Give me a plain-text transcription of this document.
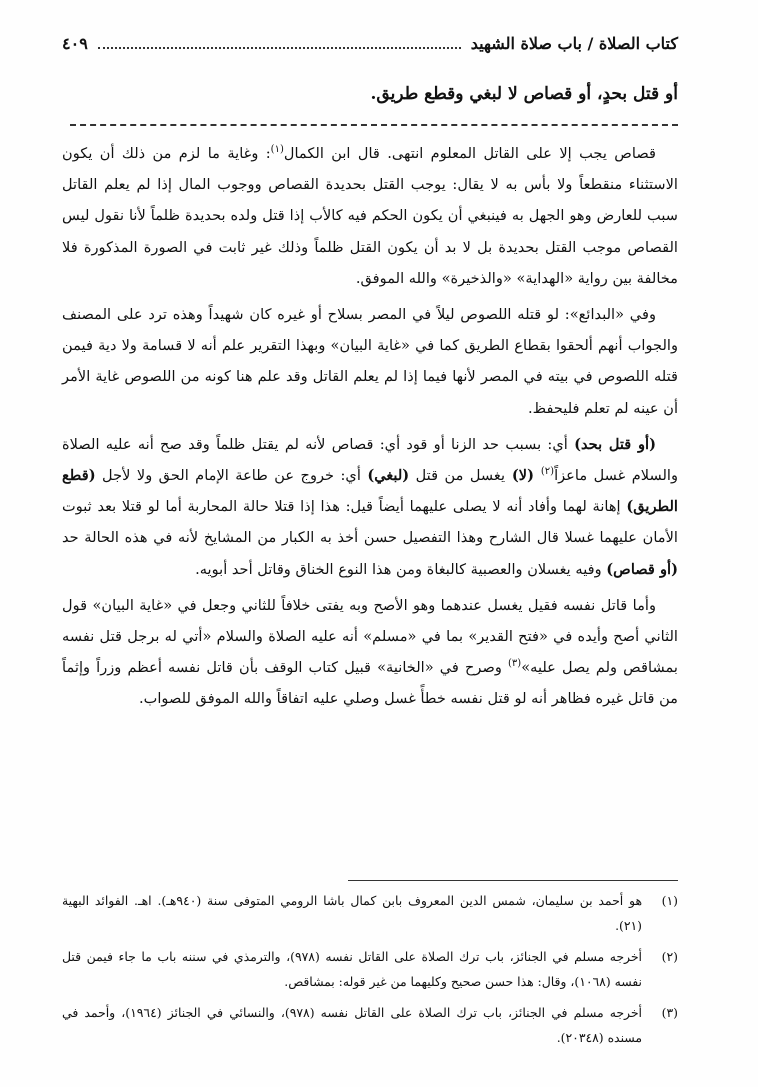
كتاب الصلاة / باب صلاة الشهيد
٤٠٩
أو قتل بحدٍ، أو قصاص لا لبغي وقطع طريق.

قصاص يجب إلا على القاتل المعلوم انتهى. قال ابن الكمال$^{(١)}$: وغاية ما لزم من ذلك أن يكون الاستثناء منقطعاً ولا بأس به لا يقال: يوجب القتل بحديدة القصاص ووجوب المال إذا لم يعلم القاتل سبب للعارض وهو الجهل به فينبغي أن يكون الحكم فيه كالأب إذا قتل ولده بحديدة ظلماً لأنا نقول ليس القصاص موجب القتل بحديدة بل لا بد أن يكون القتل ظلماً وذلك غير ثابت في الصورة المذكورة فلا مخالفة بين رواية «الهداية» «والذخيرة» والله الموفق.

وفي «البدائع»: لو قتله اللصوص ليلاً في المصر بسلاح أو غيره كان شهيداً وهذه ترد على المصنف والجواب أنهم ألحقوا بقطاع الطريق كما في «غاية البيان» وبهذا التقرير علم أنه لا قسامة ولا دية فيمن قتله اللصوص في بيته في المصر لأنها فيما إذا لم يعلم القاتل وقد علم هنا كونه من اللصوص غاية الأمر أن عينه لم تعلم فليحفظ.

(أو قتل بحد) أي: بسبب حد الزنا أو قود أي: قصاص لأنه لم يقتل ظلماً وقد صح أنه عليه الصلاة والسلام غسل ماعزاً$^{(٢)}$ (لا) يغسل من قتل (لبغي) أي: خروج عن طاعة الإمام الحق ولا لأجل (قطع الطريق) إهانة لهما وأفاد أنه لا يصلى عليهما أيضاً قيل: هذا إذا قتلا حالة المحاربة أما لو قتلا بعد ثبوت الأمان عليهما غسلا قال الشارح وهذا التفصيل حسن أخذ به الكبار من المشايخ لأنه في هذه الحالة حد (أو قصاص) وفيه يغسلان والعصبية كالبغاة ومن هذا النوع الخناق وقاتل أحد أبويه.

وأما قاتل نفسه فقيل يغسل عندهما وهو الأصح وبه يفتى خلافاً للثاني وجعل في «غاية البيان» قول الثاني أصح وأيده في «فتح القدير» بما في «مسلم» أنه عليه الصلاة والسلام «أتي له برجل قتل نفسه بمشاقص ولم يصل عليه»$^{(٣)}$ وصرح في «الخانية» قبيل كتاب الوقف بأن قاتل نفسه أعظم وزراً وإثماً من قاتل غيره فظاهر أنه لو قتل نفسه خطأً غسل وصلي عليه اتفاقاً والله الموفق للصواب.

(١)
هو أحمد بن سليمان، شمس الدين المعروف بابن كمال باشا الرومي المتوفى سنة (٩٤٠هـ). اهـ. الفوائد البهية (٢١).
(٢)
أخرجه مسلم في الجنائز، باب ترك الصلاة على القاتل نفسه (٩٧٨)، والترمذي في سننه باب ما جاء فيمن قتل نفسه (١٠٦٨)، وقال: هذا حسن صحيح وكليهما من غير قوله: بمشاقص.
(٣)
أخرجه مسلم في الجنائز، باب ترك الصلاة على القاتل نفسه (٩٧٨)، والنسائي في الجنائز (١٩٦٤)، وأحمد في مسنده (٢٠٣٤٨).
